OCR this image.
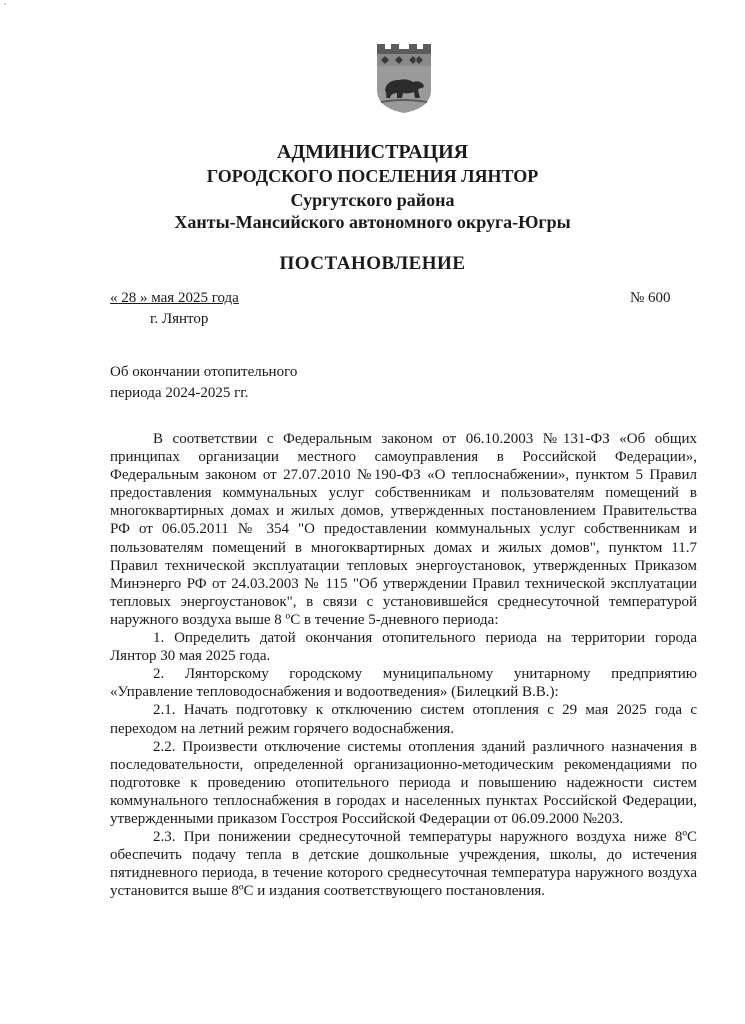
˹
АДМИНИСТРАЦИЯ
ГОРОДСКОГО ПОСЕЛЕНИЯ ЛЯНТОР
Сургутского района
Ханты-Мансийского автономного округа-Югры
ПОСТАНОВЛЕНИЕ
« 28 » мая 2025 года	№ 600
г. Лянтор
Об окончании отопительного
периода 2024-2025 гг.

В соответствии с Федеральным законом от 06.10.2003 №131-ФЗ «Об общих принципах организации местного самоуправления в Российской Федерации», Федеральным законом от 27.07.2010 №190-ФЗ «О теплоснабжении», пунктом 5 Правил предоставления коммунальных услуг собственникам и пользователям помещений в многоквартирных домах и жилых домов, утвержденных постановлением Правительства РФ от 06.05.2011 № 354 "О предоставлении коммунальных услуг собственникам и пользователям помещений в многоквартирных домах и жилых домов", пунктом 11.7 Правил технической эксплуатации тепловых энергоустановок, утвержденных Приказом Минэнерго РФ от 24.03.2003 № 115 "Об утверждении Правил технической эксплуатации тепловых энергоустановок", в связи с установившейся среднесуточной температурой наружного воздуха выше 8 ºС в течение 5-дневного периода:

1. Определить датой окончания отопительного периода на территории города Лянтор 30 мая 2025 года.

2. Лянторскому городскому муниципальному унитарному предприятию «Управление тепловодоснабжения и водоотведения» (Билецкий В.В.):

2.1. Начать подготовку к отключению систем отопления с 29 мая 2025 года с переходом на летний режим горячего водоснабжения.

2.2. Произвести отключение системы отопления зданий различного назначения в последовательности, определенной организационно-методическим рекомендациями по подготовке к проведению отопительного периода и повышению надежности систем коммунального теплоснабжения в городах и населенных пунктах Российской Федерации, утвержденными приказом Госстроя Российской Федерации от 06.09.2000 №203.

2.3. При понижении среднесуточной температуры наружного воздуха ниже 8ºС обеспечить подачу тепла в детские дошкольные учреждения, школы, до истечения пятидневного периода, в течение которого среднесуточная температура наружного воздуха установится выше 8ºС и издания соответствующего постановления.
